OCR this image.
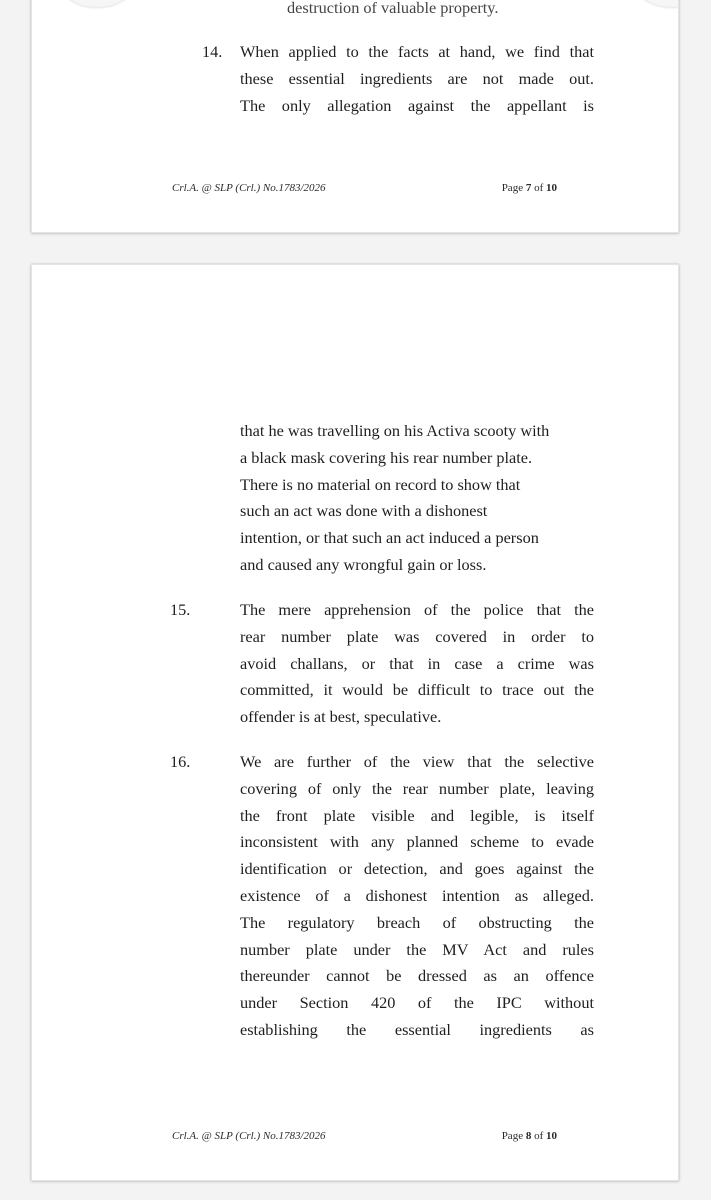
destruction of valuable property.
14. When applied to the facts at hand, we find that
these essential ingredients are not made out.
The only allegation against the appellant is
Crl.A. @ SLP (Crl.) No.1783/2026	Page 7 of 10
that he was travelling on his Activa scooty with
a black mask covering his rear number plate.
There is no material on record to show that
such an act was done with a dishonest
intention, or that such an act induced a person
and caused any wrongful gain or loss.
15.	The mere apprehension of the police that the
rear number plate was covered in order to
avoid challans, or that in case a crime was
committed, it would be difficult to trace out the
offender is at best, speculative.
16.	We are further of the view that the selective
covering of only the rear number plate, leaving
the front plate visible and legible, is itself
inconsistent with any planned scheme to evade
identification or detection, and goes against the
existence of a dishonest intention as alleged.
The regulatory breach of obstructing the
number plate under the MV Act and rules
thereunder cannot be dressed as an offence
under Section 420 of the IPC without
establishing the essential ingredients as
Crl.A. @ SLP (Crl.) No.1783/2026	Page 8 of 10
